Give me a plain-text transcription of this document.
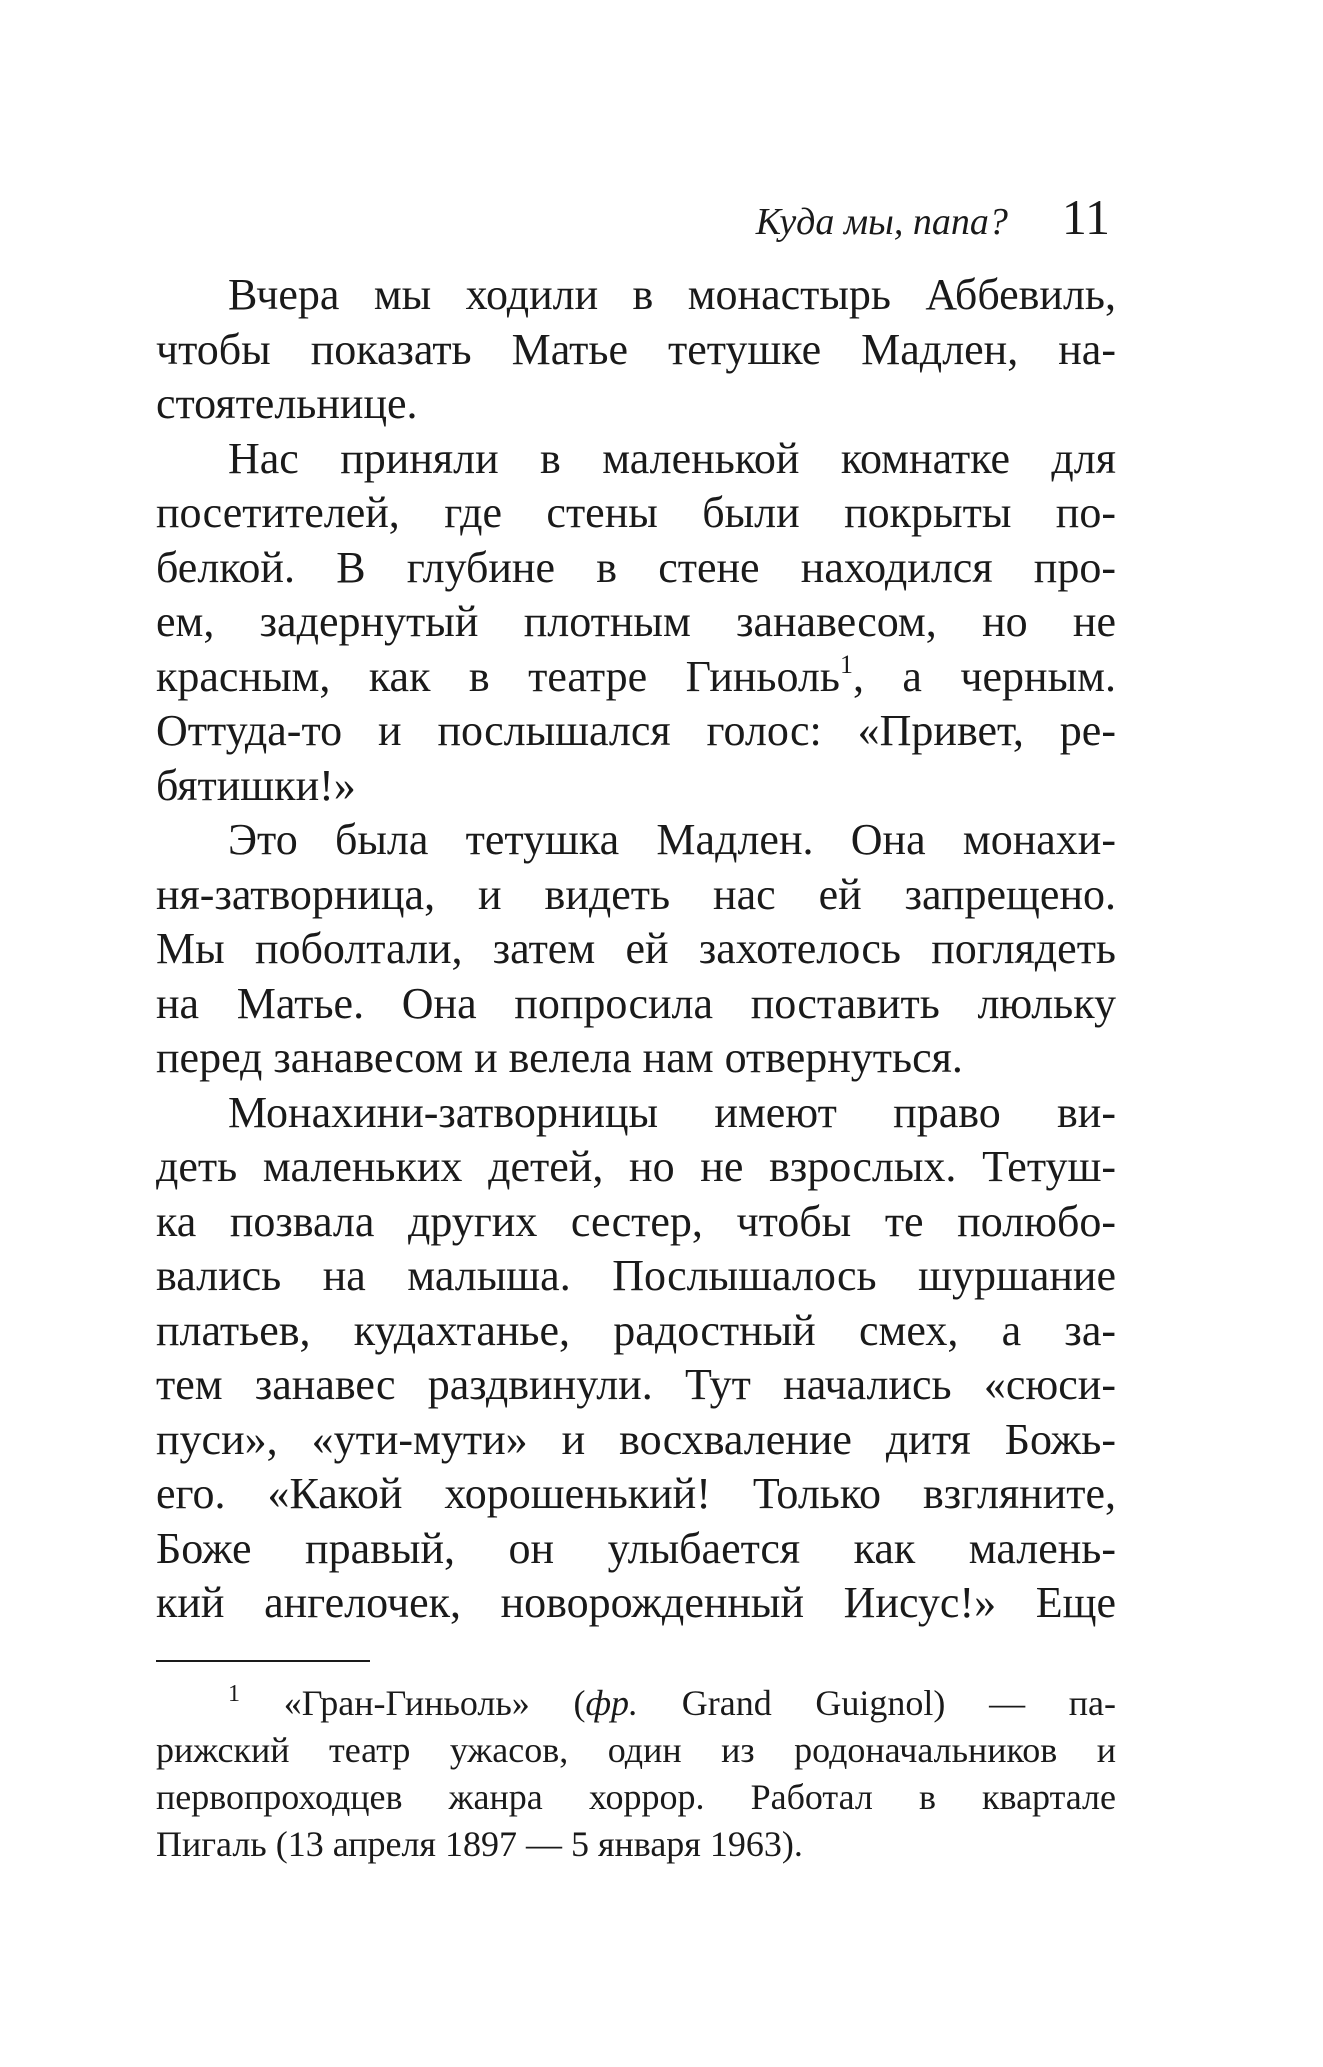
Куда мы, папа? 11
Вчера мы ходили в монастырь Аббевиль,
чтобы показать Матье тетушке Мадлен, на-
стоятельнице.
Нас приняли в маленькой комнатке для
посетителей, где стены были покрыты по-
белкой. В глубине в стене находился про-
ем, задернутый плотным занавесом, но не
красным, как в театре Гиньоль$^1$, а черным.
Оттуда-то и послышался голос: «Привет, ре-
бятишки!»
Это была тетушка Мадлен. Она монахи-
ня-затворница, и видеть нас ей запрещено.
Мы поболтали, затем ей захотелось поглядеть
на Матье. Она попросила поставить люльку
перед занавесом и велела нам отвернуться.
Монахини-затворницы имеют право ви-
деть маленьких детей, но не взрослых. Тетуш-
ка позвала других сестер, чтобы те полюбо-
вались на малыша. Послышалось шуршание
платьев, кудахтанье, радостный смех, а за-
тем занавес раздвинули. Тут начались «сюси-
пуси», «ути-мути» и восхваление дитя Божь-
его. «Какой хорошенький! Только взгляните,
Боже правый, он улыбается как малень-
кий ангелочек, новорожденный Иисус!» Еще
$^1$ «Гран-Гиньоль» (фр. Grand Guignol) — па-
рижский театр ужасов, один из родоначальников и
первопроходцев жанра хоррор. Работал в квартале
Пигаль (13 апреля 1897 — 5 января 1963).
